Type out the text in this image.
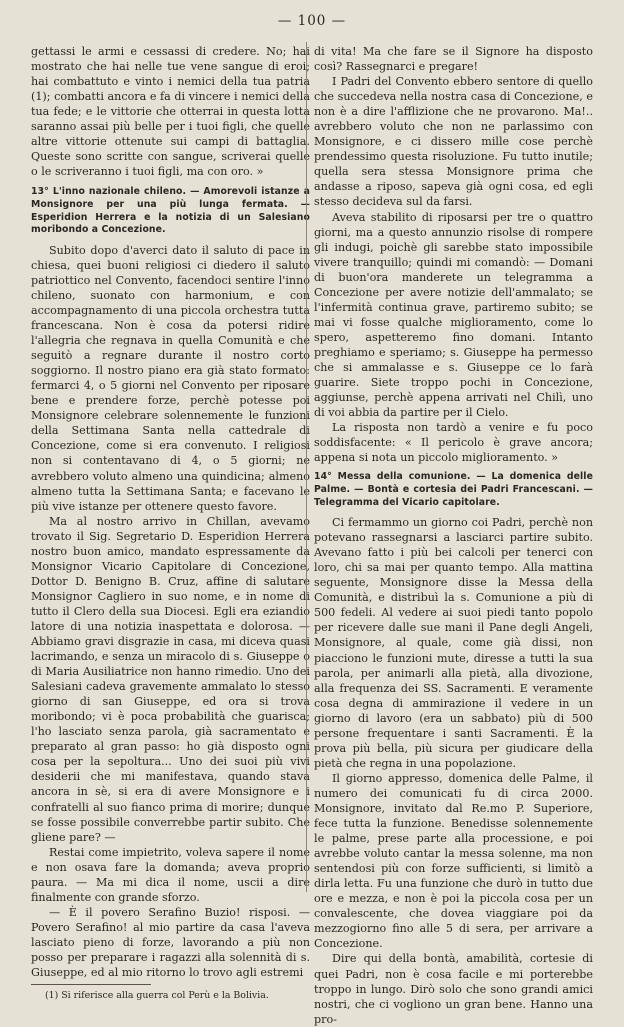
— 100 —

gettassi le armi e cessassi di credere. No; hai mostrato che hai nelle tue vene sangue di eroi; hai combattuto e vinto i nemici della tua patria (1); combatti ancora e fa di vincere i nemici della tua fede; e le vittorie che otterrai in questa lotta saranno assai più belle per i tuoi figli, che quelle altre vittorie ottenute sui campi di battaglia. Queste sono scritte con sangue, scriverai quelle o le scriveranno i tuoi figli, ma con oro. »

13° L'inno nazionale chileno. — Amorevoli istanze a Monsignore per una più lunga fermata. — Esperidion Herrera e la notizia di un Salesiano moribondo a Concezione.

Subito dopo d'averci dato il saluto di pace in chiesa, quei buoni religiosi ci diedero il saluto patriottico nel Convento, facendoci sentire l'inno chileno, suonato con harmonium, e con accompagnamento di una piccola orchestra tutta francescana. Non è cosa da potersi ridire l'allegria che regnava in quella Comunità e che seguitò a regnare durante il nostro corto soggiorno. Il nostro piano era già stato formato: fermarci 4, o 5 giorni nel Convento per riposare bene e prendere forze, perchè potesse poi Monsignore celebrare solennemente le funzioni della Settimana Santa nella cattedrale di Concezione, come si era convenuto. I religiosi non si contentavano di 4, o 5 giorni; ne avrebbero voluto almeno una quindicina; almeno almeno tutta la Settimana Santa; e facevano le più vive istanze per ottenere questo favore.

Ma al nostro arrivo in Chillan, avevamo trovato il Sig. Segretario D. Esperidion Herrera nostro buon amico, mandato espressamente da Monsignor Vicario Capitolare di Concezione, Dottor D. Benigno B. Cruz, affine di salutare Monsignor Cagliero in suo nome, e in nome di tutto il Clero della sua Diocesi. Egli era eziandio latore di una notizia inaspettata e dolorosa. — Abbiamo gravi disgrazie in casa, mi diceva quasi lacrimando, e senza un miracolo di s. Giuseppe o di Maria Ausiliatrice non hanno rimedio. Uno dei Salesiani cadeva gravemente ammalato lo stesso giorno di san Giuseppe, ed ora si trova moribondo; vi è poca probabilità che guarisca; l'ho lasciato senza parola, già sacramentato e preparato al gran passo: ho già disposto ogni cosa per la sepoltura... Uno dei suoi più vivi desiderii che mi manifestava, quando stava ancora in sè, si era di avere Monsignore e i confratelli al suo fianco prima di morire; dunque se fosse possibile converrebbe partir subito. Che gliene pare? —

Restai come impietrito, voleva sapere il nome e non osava fare la domanda; aveva proprio paura. — Ma mi dica il nome, uscii a dire finalmente con grande sforzo.

— È il povero Serafino Buzio! risposi. — Povero Serafino! al mio partire da casa l'aveva lasciato pieno di forze, lavorando a più non posso per preparare i ragazzi alla solennità di s. Giuseppe, ed al mio ritorno lo trovo agli estremi

(1) Si riferisce alla guerra col Perù e la Bolivia.

di vita! Ma che fare se il Signore ha disposto così? Rassegnarci e pregare!

I Padri del Convento ebbero sentore di quello che succedeva nella nostra casa di Concezione, e non è a dire l'afflizione che ne provarono. Ma!.. avrebbero voluto che non ne parlassimo con Monsignore, e ci dissero mille cose perchè prendessimo questa risoluzione. Fu tutto inutile; quella sera stessa Monsignore prima che andasse a riposo, sapeva già ogni cosa, ed egli stesso decideva sul da farsi.

Aveva stabilito di riposarsi per tre o quattro giorni, ma a questo annunzio risolse di rompere gli indugi, poichè gli sarebbe stato impossibile vivere tranquillo; quindi mi comandò: — Domani di buon'ora manderete un telegramma a Concezione per avere notizie dell'ammalato; se l'infermità continua grave, partiremo subito; se mai vi fosse qualche miglioramento, come lo spero, aspetteremo fino domani. Intanto preghiamo e speriamo; s. Giuseppe ha permesso che si ammalasse e s. Giuseppe ce lo farà guarire. Siete troppo pochi in Concezione, aggiunse, perchè appena arrivati nel Chilì, uno di voi abbia da partire per il Cielo.

La risposta non tardò a venire e fu poco soddisfacente: « Il pericolo è grave ancora; appena si nota un piccolo miglioramento. »

14° Messa della comunione. — La domenica delle Palme. — Bontà e cortesia dei Padri Francescani. — Telegramma del Vicario capitolare.

Ci fermammo un giorno coi Padri, perchè non potevano rassegnarsi a lasciarci partire subito. Avevano fatto i più bei calcoli per tenerci con loro, chi sa mai per quanto tempo. Alla mattina seguente, Monsignore disse la Messa della Comunità, e distribuì la s. Comunione a più di 500 fedeli. Al vedere ai suoi piedi tanto popolo per ricevere dalle sue mani il Pane degli Angeli, Monsignore, al quale, come già dissi, non piacciono le funzioni mute, diresse a tutti la sua parola, per animarli alla pietà, alla divozione, alla frequenza dei SS. Sacramenti. E veramente cosa degna di ammirazione il vedere in un giorno di lavoro (era un sabbato) più di 500 persone frequentare i santi Sacramenti. È la prova più bella, più sicura per giudicare della pietà che regna in una popolazione.

Il giorno appresso, domenica delle Palme, il numero dei comunicati fu di circa 2000. Monsignore, invitato dal Re.mo P. Superiore, fece tutta la funzione. Benedisse solennemente le palme, prese parte alla processione, e poi avrebbe voluto cantar la messa solenne, ma non sentendosi più con forze sufficienti, si limitò a dirla letta. Fu una funzione che durò in tutto due ore e mezza, e non è poi la piccola cosa per un convalescente, che dovea viaggiare poi da mezzogiorno fino alle 5 di sera, per arrivare a Concezione.

Dire qui della bontà, amabilità, cortesie di quei Padri, non è cosa facile e mi porterebbe troppo in lungo. Dirò solo che sono grandi amici nostri, che ci vogliono un gran bene. Hanno una pro-
